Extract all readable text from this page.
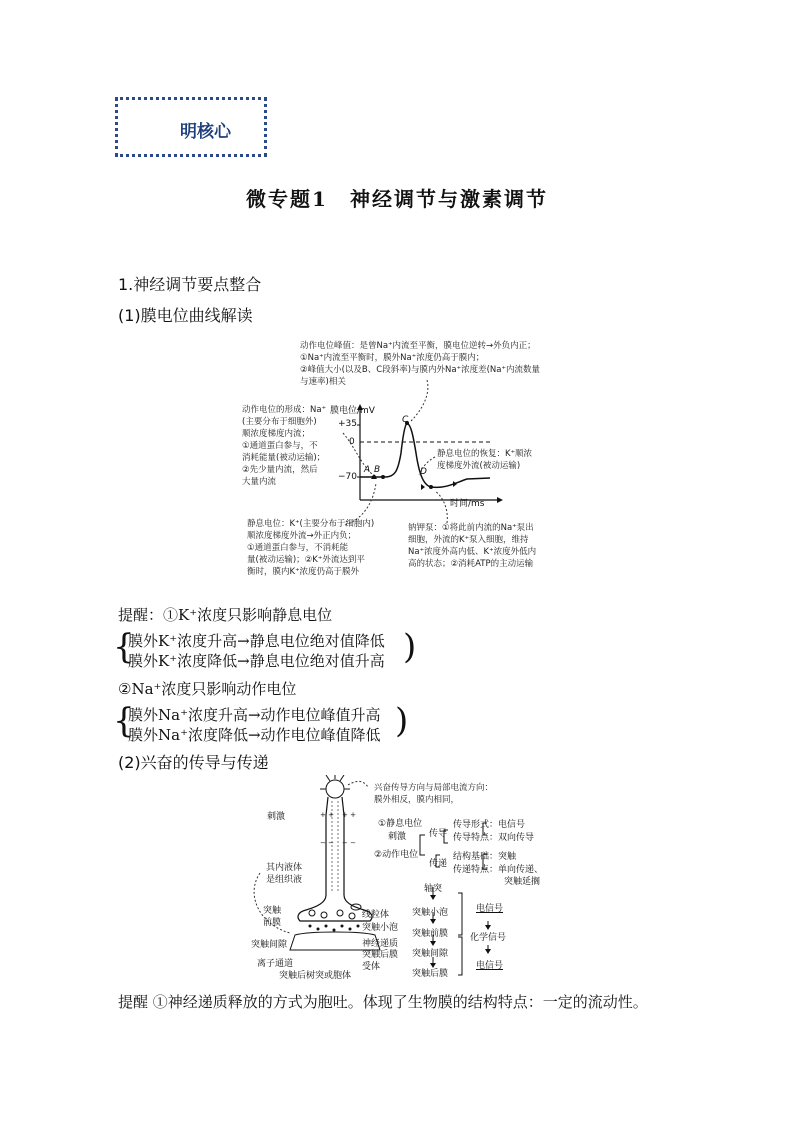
明核心
微专题1　神经调节与激素调节
1.神经调节要点整合
(1)膜电位曲线解读
膜电位/mV
时间/ms
+35
0
−70
A B
C
D
动作电位峰值：是曾Na⁺内流至平衡，膜电位逆转→外负内正；
①Na⁺内流至平衡时，膜外Na⁺浓度仍高于膜内；
②峰值大小(以及B、C段斜率)与膜内外Na⁺浓度差(Na⁺内流数量
与速率)相关
动作电位的形成：Na⁺
(主要分布于细胞外)
顺浓度梯度内流；
①通道蛋白参与，不
消耗能量(被动运输)；
②先少量内流，然后
大量内流
静息电位的恢复：K⁺顺浓
度梯度外流(被动运输)
静息电位：K⁺(主要分布于细胞内)
顺浓度梯度外流→外正内负；
①通道蛋白参与，不消耗能
量(被动运输)；②K⁺外流达到平
衡时，膜内K⁺浓度仍高于膜外
钠钾泵：①将此前内流的Na⁺泵出
细胞，外流的K⁺泵入细胞，维持
Na⁺浓度外高内低、K⁺浓度外低内
高的状态；②消耗ATP的主动运输
提醒：①K⁺浓度只影响静息电位
{
膜外K⁺浓度升高→静息电位绝对值降低
膜外K⁺浓度降低→静息电位绝对值升高 )
②Na⁺浓度只影响动作电位
{
膜外Na⁺浓度升高→动作电位峰值升高
膜外Na⁺浓度降低→动作电位峰值降低 )
(2)兴奋的传导与传递
+ + + +
− − − −
刺激
兴奋传导方向与局部电流方向：
膜外相反，膜内相同，
①静息电位
刺激
②动作电位
传导
传导形式：电信号
传导特点：双向传导
传递
结构基础：突触
传递特点：单向传递、
突触延搁
轴突
突触小泡
突触前膜
突触间隙
突触后膜
电信号
化学信号
电信号
其内液体
是组织液
突触
前膜
突触间隙
离子通道
突触后树突或胞体
线粒体
突触小泡
神经递质
突触后膜
受体
提醒 ①神经递质释放的方式为胞吐。体现了生物膜的结构特点：一定的流动性。
